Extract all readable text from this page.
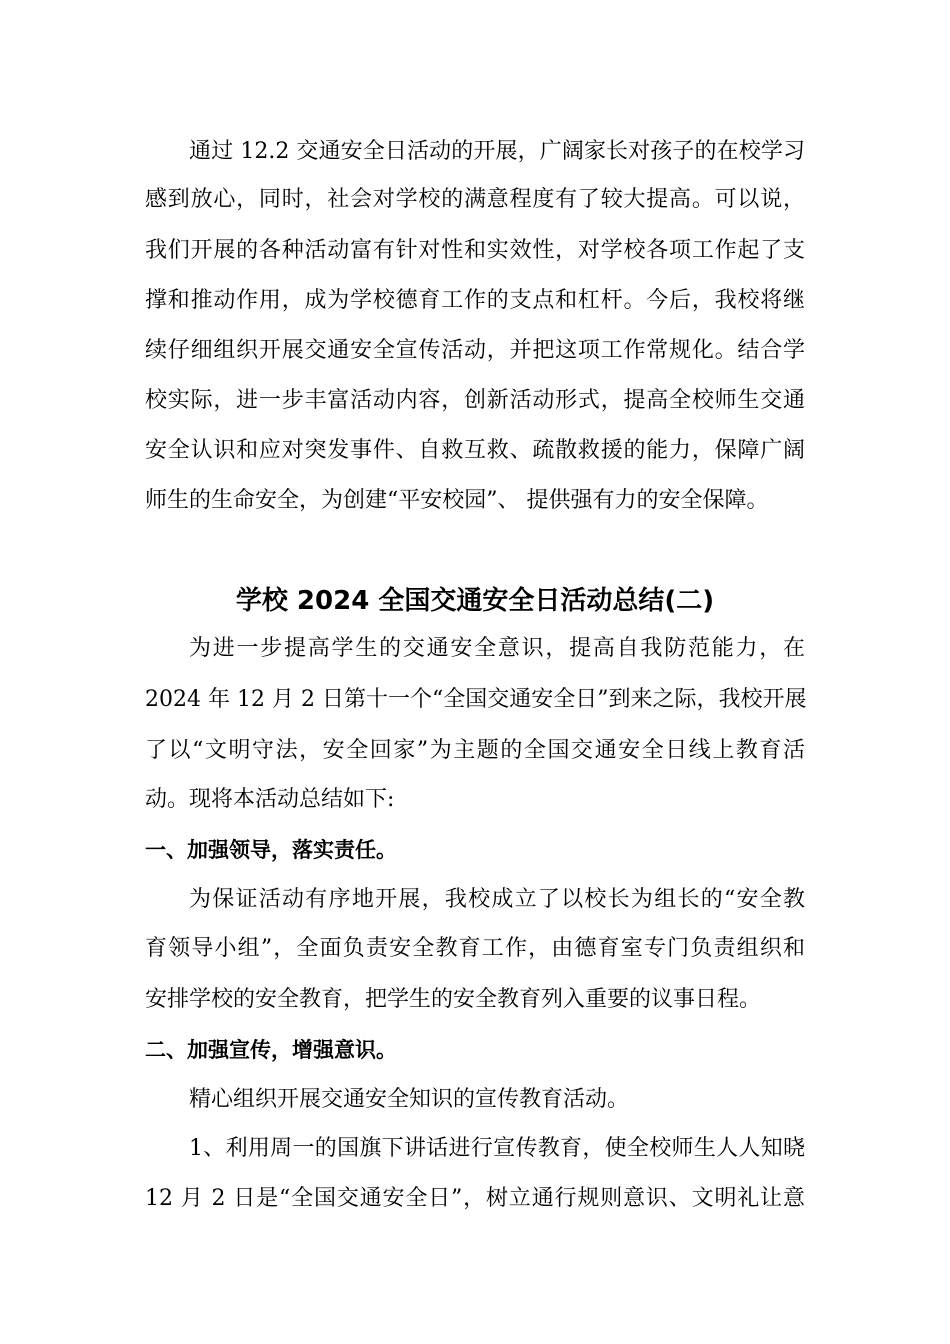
通过 12.2 交通安全日活动的开展，广阔家长对孩子的在校学习
感到放心，同时，社会对学校的满意程度有了较大提高。可以说，
我们开展的各种活动富有针对性和实效性，对学校各项工作起了支
撑和推动作用，成为学校德育工作的支点和杠杆。今后，我校将继
续仔细组织开展交通安全宣传活动，并把这项工作常规化。结合学
校实际，进一步丰富活动内容，创新活动形式，提高全校师生交通
安全认识和应对突发事件、自救互救、疏散救援的能力，保障广阔
师生的生命安全，为创建“平安校园”、 提供强有力的安全保障。
学校 2024 全国交通安全日活动总结(二)
为进一步提高学生的交通安全意识，提高自我防范能力，在
2024 年 12 月 2 日第十一个“全国交通安全日”到来之际，我校开展
了以“文明守法，安全回家”为主题的全国交通安全日线上教育活
动。现将本活动总结如下:
一、加强领导，落实责任。
为保证活动有序地开展，我校成立了以校长为组长的“安全教
育领导小组”，全面负责安全教育工作，由德育室专门负责组织和
安排学校的安全教育，把学生的安全教育列入重要的议事日程。
二、加强宣传，增强意识。
精心组织开展交通安全知识的宣传教育活动。
1、利用周一的国旗下讲话进行宣传教育，使全校师生人人知晓
12 月 2 日是“全国交通安全日”，树立通行规则意识、文明礼让意
